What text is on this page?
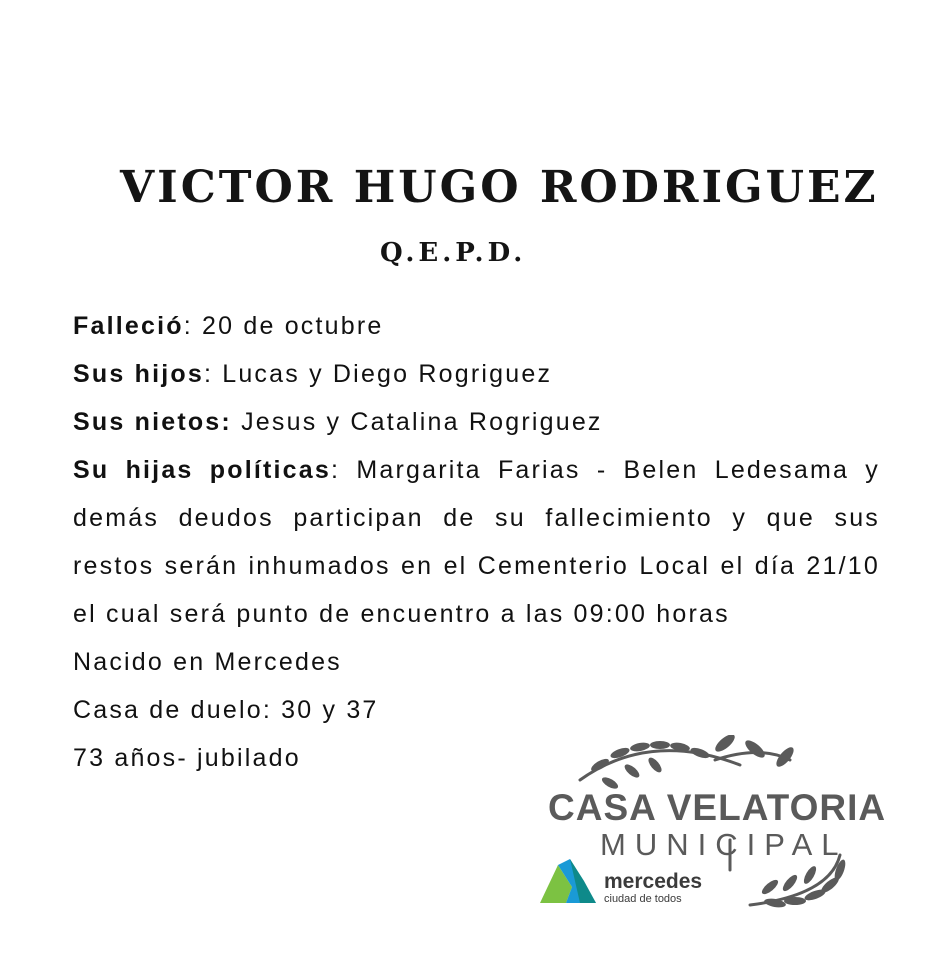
VICTOR HUGO RODRIGUEZ
Q.E.P.D.
Falleció: 20 de octubre
Sus hijos: Lucas y Diego Rogriguez
Sus nietos: Jesus y Catalina Rogriguez
Su hijas políticas: Margarita Farias - Belen Ledesama y demás deudos participan de su fallecimiento y que sus restos serán inhumados en el Cementerio Local el día 21/10 el cual será punto de encuentro a las 09:00 horas
Nacido en Mercedes
Casa de duelo: 30 y 37
73 años- jubilado
CASA VELATORIA
MUNICIPAL
mercedes
ciudad de todos
